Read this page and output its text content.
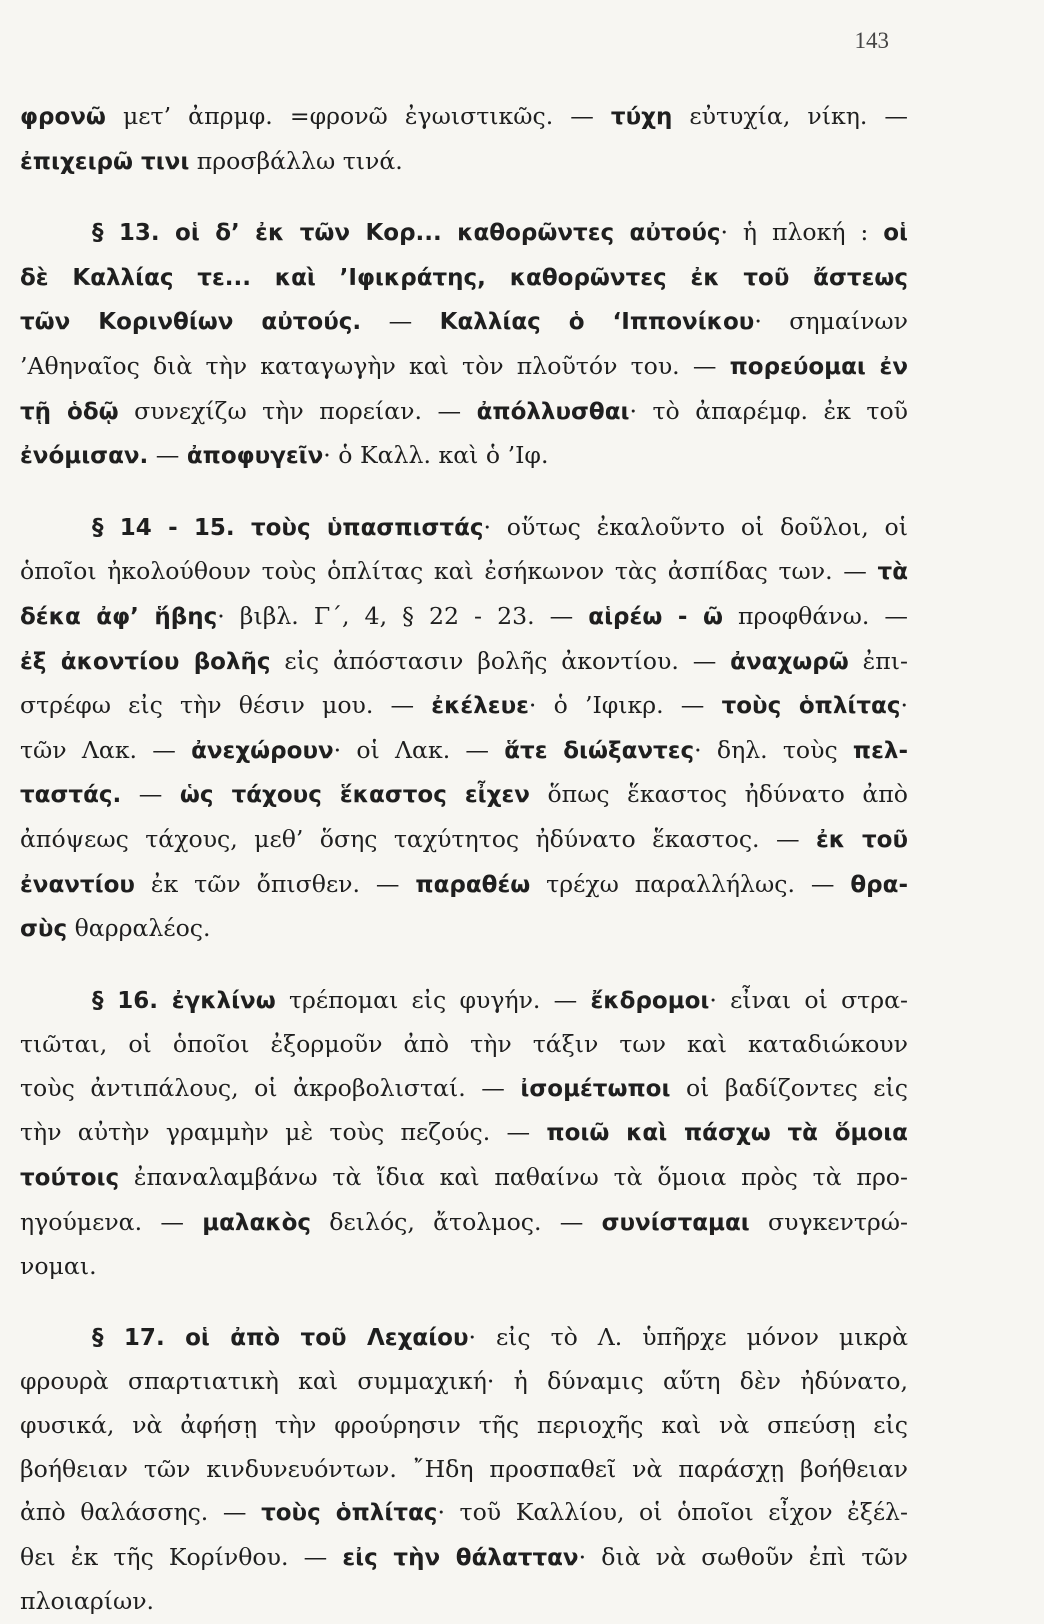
143
φρονῶ μετ’ ἀπρμφ. =φρονῶ ἐγωιστικῶς. — τύχη εὐτυχία, νίκη. —
ἐπιχειρῶ τινι προσβάλλω τινά.
§ 13. οἱ δ’ ἐκ τῶν Κορ... καθορῶντες αὐτούς· ἡ πλοκή : οἱ
δὲ Καλλίας τε... καὶ ’Ιφικράτης, καθορῶντες ἐκ τοῦ ἄστεως
τῶν Κορινθίων αὐτούς. — Καλλίας ὁ ‘Ιππονίκου· σημαίνων
’Αθηναῖος διὰ τὴν καταγωγὴν καὶ τὸν πλοῦτόν του. — πορεύομαι ἐν
τῇ ὁδῷ συνεχίζω τὴν πορείαν. — ἀπόλλυσθαι· τὸ ἀπαρέμφ. ἐκ τοῦ
ἐνόμισαν. — ἀποφυγεῖν· ὁ Καλλ. καὶ ὁ ’Ιφ.
§ 14 - 15. τοὺς ὑπασπιστάς· οὕτως ἐκαλοῦντο οἱ δοῦλοι, οἱ
ὁποῖοι ἠκολούθουν τοὺς ὁπλίτας καὶ ἐσήκωνον τὰς ἀσπίδας των. — τὰ
δέκα ἀφ’ ἥβης· βιβλ. Γ΄, 4, § 22 - 23. — αἱρέω - ῶ προφθάνω. —
ἐξ ἀκοντίου βολῆς εἰς ἀπόστασιν βολῆς ἀκοντίου. — ἀναχωρῶ ἐπι-
στρέφω εἰς τὴν θέσιν μου. — ἐκέλευε· ὁ ’Ιφικρ. — τοὺς ὁπλίτας·
τῶν Λακ. — ἀνεχώρουν· οἱ Λακ. — ἅτε διώξαντες· δηλ. τοὺς πελ-
ταστάς. — ὡς τάχους ἕκαστος εἶχεν ὅπως ἕκαστος ἠδύνατο ἀπὸ
ἀπόψεως τάχους, μεθ’ ὅσης ταχύτητος ἠδύνατο ἕκαστος. — ἐκ τοῦ
ἐναντίου ἐκ τῶν ὄπισθεν. — παραθέω τρέχω παραλλήλως. — θρα-
σὺς θαρραλέος.
§ 16. ἐγκλίνω τρέπομαι εἰς φυγήν. — ἔκδρομοι· εἶναι οἱ στρα-
τιῶται, οἱ ὁποῖοι ἐξορμοῦν ἀπὸ τὴν τάξιν των καὶ καταδιώκουν
τοὺς ἀντιπάλους, οἱ ἀκροβολισταί. — ἰσομέτωποι οἱ βαδίζοντες εἰς
τὴν αὐτὴν γραμμὴν μὲ τοὺς πεζούς. — ποιῶ καὶ πάσχω τὰ ὅμοια
τούτοις ἐπαναλαμβάνω τὰ ἴδια καὶ παθαίνω τὰ ὅμοια πρὸς τὰ προ-
ηγούμενα. — μαλακὸς δειλός, ἄτολμος. — συνίσταμαι συγκεντρώ-
νομαι.
§ 17. οἱ ἀπὸ τοῦ Λεχαίου· εἰς τὸ Λ. ὑπῆρχε μόνον μικρὰ
φρουρὰ σπαρτιατικὴ καὶ συμμαχική· ἡ δύναμις αὕτη δὲν ἠδύνατο,
φυσικά, νὰ ἀφήσῃ τὴν φρούρησιν τῆς περιοχῆς καὶ νὰ σπεύσῃ εἰς
βοήθειαν τῶν κινδυνευόντων. ῎Ηδη προσπαθεῖ νὰ παράσχῃ βοήθειαν
ἀπὸ θαλάσσης. — τοὺς ὁπλίτας· τοῦ Καλλίου, οἱ ὁποῖοι εἶχον ἐξέλ-
θει ἐκ τῆς Κορίνθου. — εἰς τὴν θάλατταν· διὰ νὰ σωθοῦν ἐπὶ τῶν
πλοιαρίων.
